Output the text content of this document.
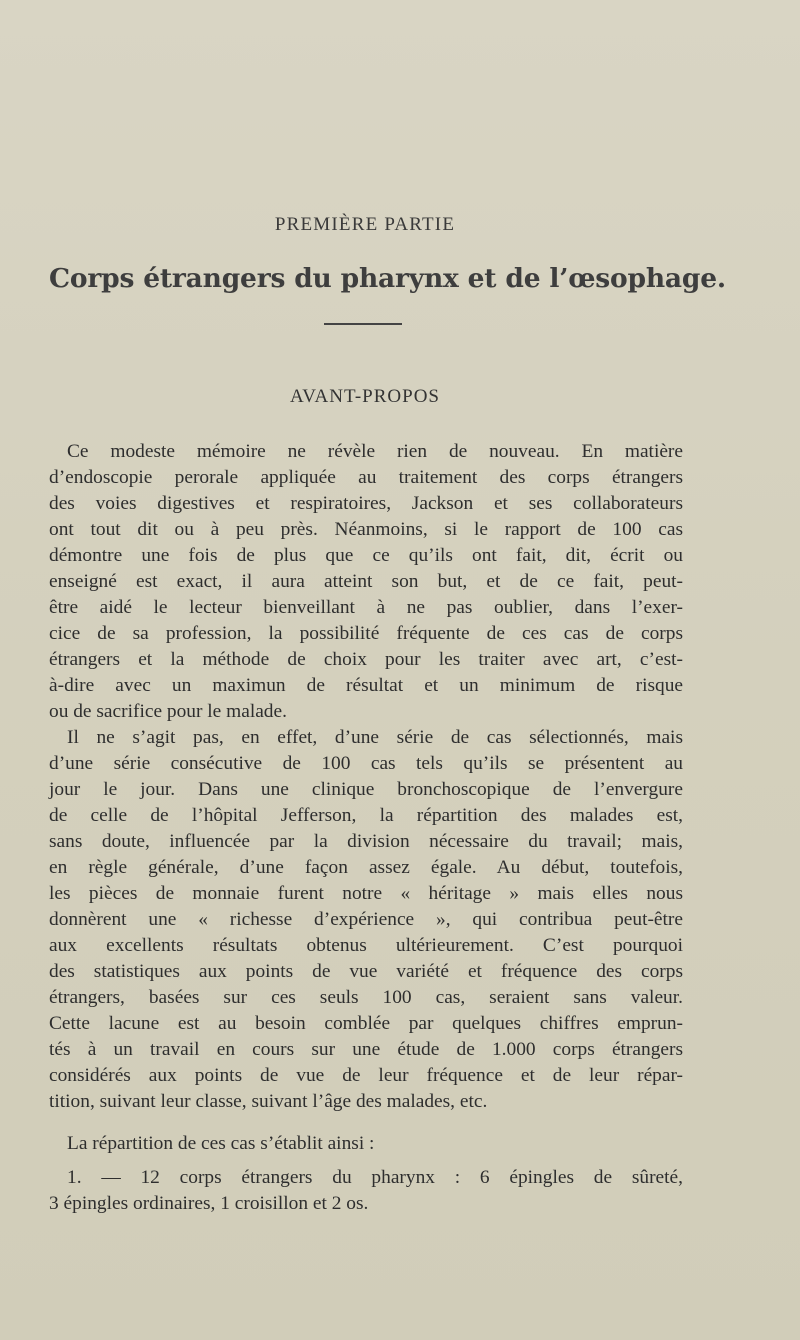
PREMIÈRE PARTIE
Corps étrangers du pharynx et de l’œsophage.
AVANT-PROPOS
Ce modeste mémoire ne révèle rien de nouveau. En matière
d’endoscopie perorale appliquée au traitement des corps étrangers
des voies digestives et respiratoires, Jackson et ses collaborateurs
ont tout dit ou à peu près. Néanmoins, si le rapport de 100 cas
démontre une fois de plus que ce qu’ils ont fait, dit, écrit ou
enseigné est exact, il aura atteint son but, et de ce fait, peut-
être aidé le lecteur bienveillant à ne pas oublier, dans l’exer-
cice de sa profession, la possibilité fréquente de ces cas de corps
étrangers et la méthode de choix pour les traiter avec art, c’est-
à-dire avec un maximun de résultat et un minimum de risque
ou de sacrifice pour le malade.
Il ne s’agit pas, en effet, d’une série de cas sélectionnés, mais
d’une série consécutive de 100 cas tels qu’ils se présentent au
jour le jour. Dans une clinique bronchoscopique de l’envergure
de celle de l’hôpital Jefferson, la répartition des malades est,
sans doute, influencée par la division nécessaire du travail; mais,
en règle générale, d’une façon assez égale. Au début, toutefois,
les pièces de monnaie furent notre « héritage » mais elles nous
donnèrent une « richesse d’expérience », qui contribua peut-être
aux excellents résultats obtenus ultérieurement. C’est pourquoi
des statistiques aux points de vue variété et fréquence des corps
étrangers, basées sur ces seuls 100 cas, seraient sans valeur.
Cette lacune est au besoin comblée par quelques chiffres emprun-
tés à un travail en cours sur une étude de 1.000 corps étrangers
considérés aux points de vue de leur fréquence et de leur répar-
tition, suivant leur classe, suivant l’âge des malades, etc.
La répartition de ces cas s’établit ainsi :
1. — 12 corps étrangers du pharynx : 6 épingles de sûreté,
3 épingles ordinaires, 1 croisillon et 2 os.
